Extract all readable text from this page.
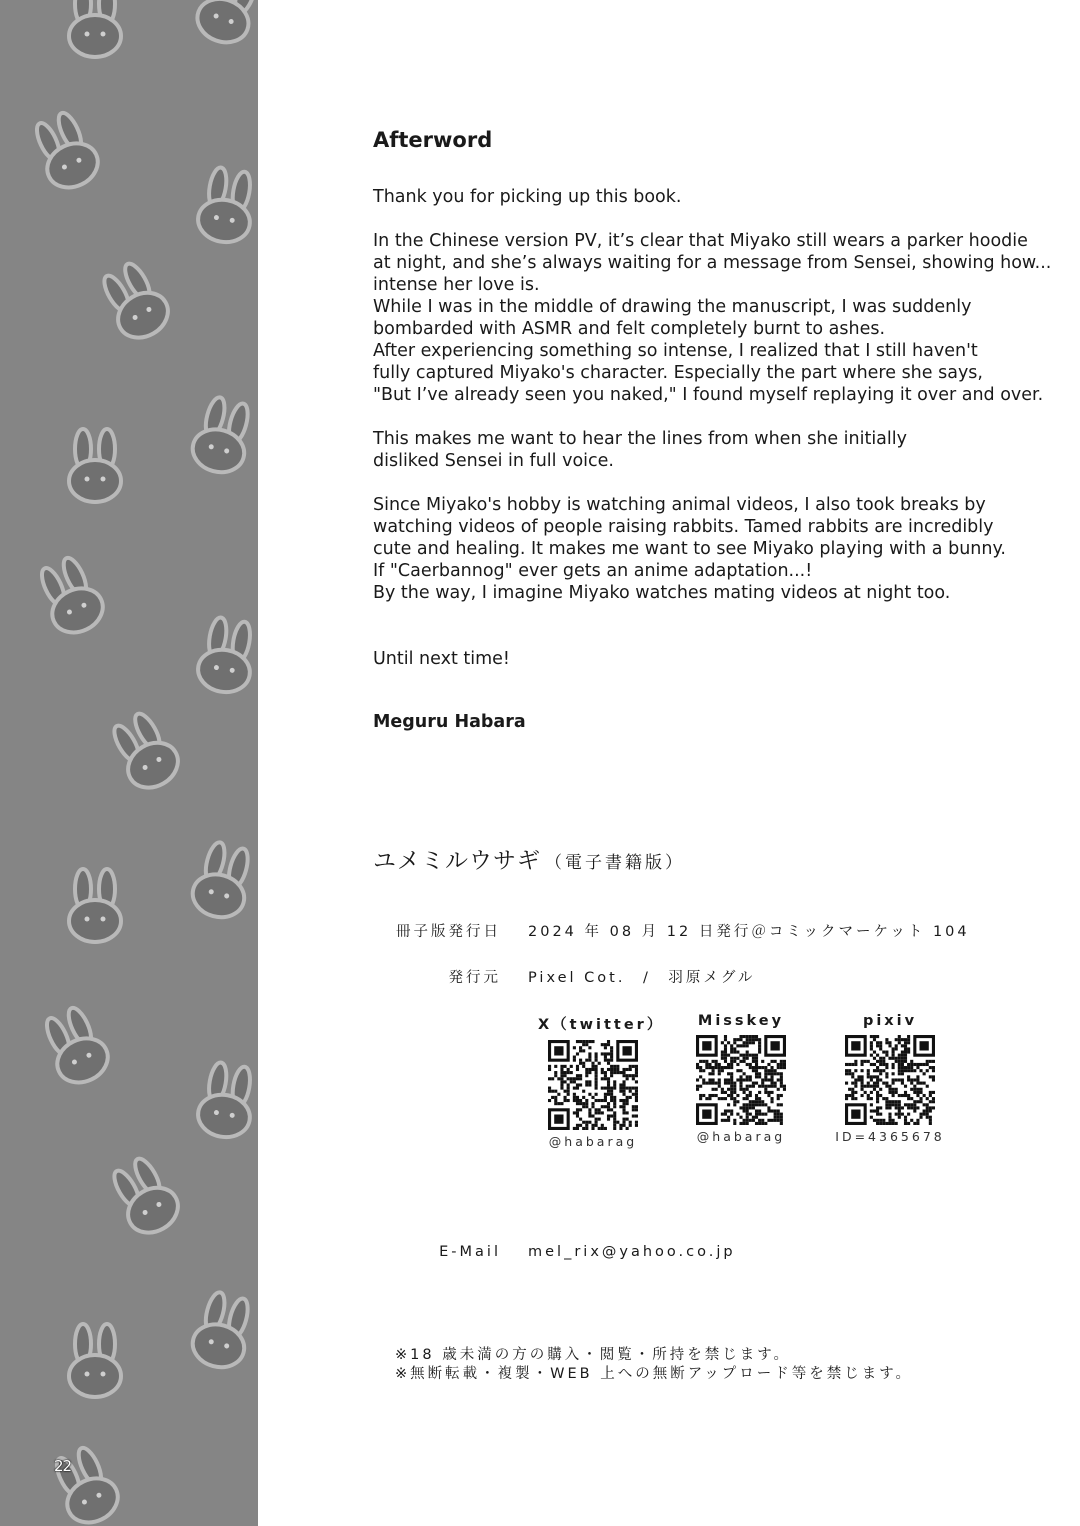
22
Afterword

Thank you for picking up this book.

In the Chinese version PV, it’s clear that Miyako still wears a parker hoodie
at night, and she’s always waiting for a message from Sensei, showing how...
intense her love is.
While I was in the middle of drawing the manuscript, I was suddenly
bombarded with ASMR and felt completely burnt to ashes.
After experiencing something so intense, I realized that I still haven't
fully captured Miyako's character. Especially the part where she says,
"But I’ve already seen you naked," I found myself replaying it over and over.

This makes me want to hear the lines from when she initially
disliked Sensei in full voice.

Since Miyako's hobby is watching animal videos, I also took breaks by
watching videos of people raising rabbits. Tamed rabbits are incredibly
cute and healing. It makes me want to see Miyako playing with a bunny.
If "Caerbannog" ever gets an anime adaptation...!
By the way, I imagine Miyako watches mating videos at night too.

Until next time!

Meguru Habara
ユメミルウサギ （電子書籍版）
冊子版発行日 2024 年 08 月 12 日発行＠コミックマーケット 104
発行元 Pixel Cot.　/　羽原メグル
X（twitter）
@habarag
Misskey
@habarag
pixiv
ID=4365678
E-Mail mel_rix@yahoo.co.jp
※18 歳未満の方の購入・閲覧・所持を禁じます。
※無断転載・複製・WEB 上への無断アップロード等を禁じます。
